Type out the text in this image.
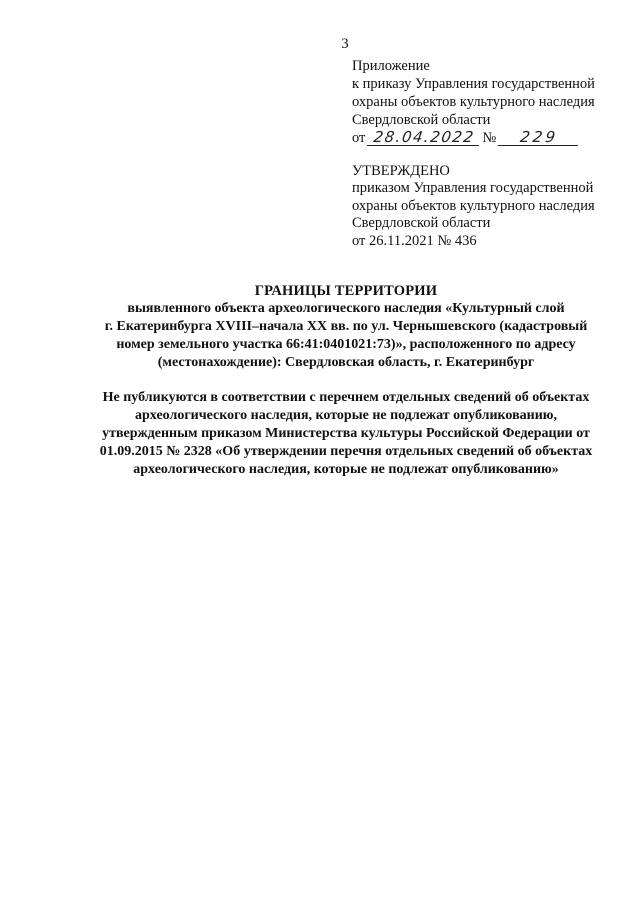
3
Приложение
к приказу Управления государственной
охраны объектов культурного наследия
Свердловской области
от 28.04.2022 № 229
УТВЕРЖДЕНО
приказом Управления государственной
охраны объектов культурного наследия
Свердловской области
от 26.11.2021 № 436
ГРАНИЦЫ ТЕРРИТОРИИ
выявленного объекта археологического наследия «Культурный слой
г. Екатеринбурга XVIII–начала XX вв. по ул. Чернышевского (кадастровый
номер земельного участка 66:41:0401021:73)», расположенного по адресу
(местонахождение): Свердловская область, г. Екатеринбург
Не публикуются в соответствии с перечнем отдельных сведений об объектах
археологического наследия, которые не подлежат опубликованию,
утвержденным приказом Министерства культуры Российской Федерации от
01.09.2015 № 2328 «Об утверждении перечня отдельных сведений об объектах
археологического наследия, которые не подлежат опубликованию»
